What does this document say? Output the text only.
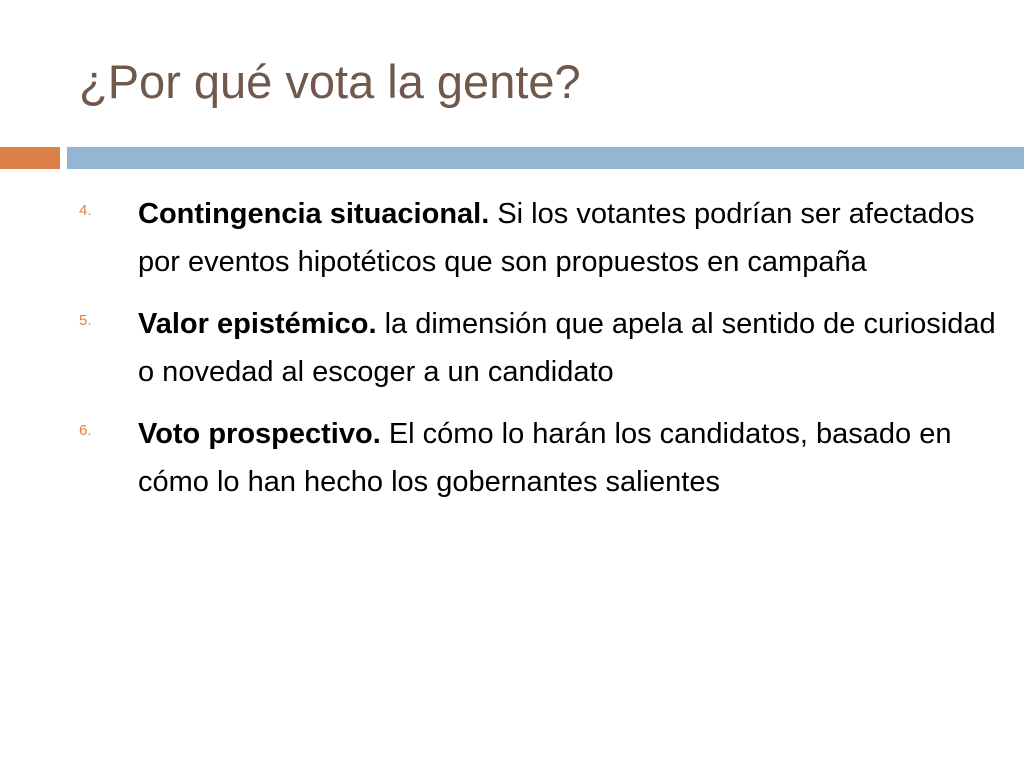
¿Por qué vota la gente?
4. Contingencia situacional. Si los votantes podrían ser afectados por eventos hipotéticos que son propuestos en campaña
5. Valor epistémico. la dimensión que apela al sentido de curiosidad o novedad al escoger a un candidato
6. Voto prospectivo. El cómo lo harán los candidatos, basado en cómo lo han hecho los gobernantes salientes
